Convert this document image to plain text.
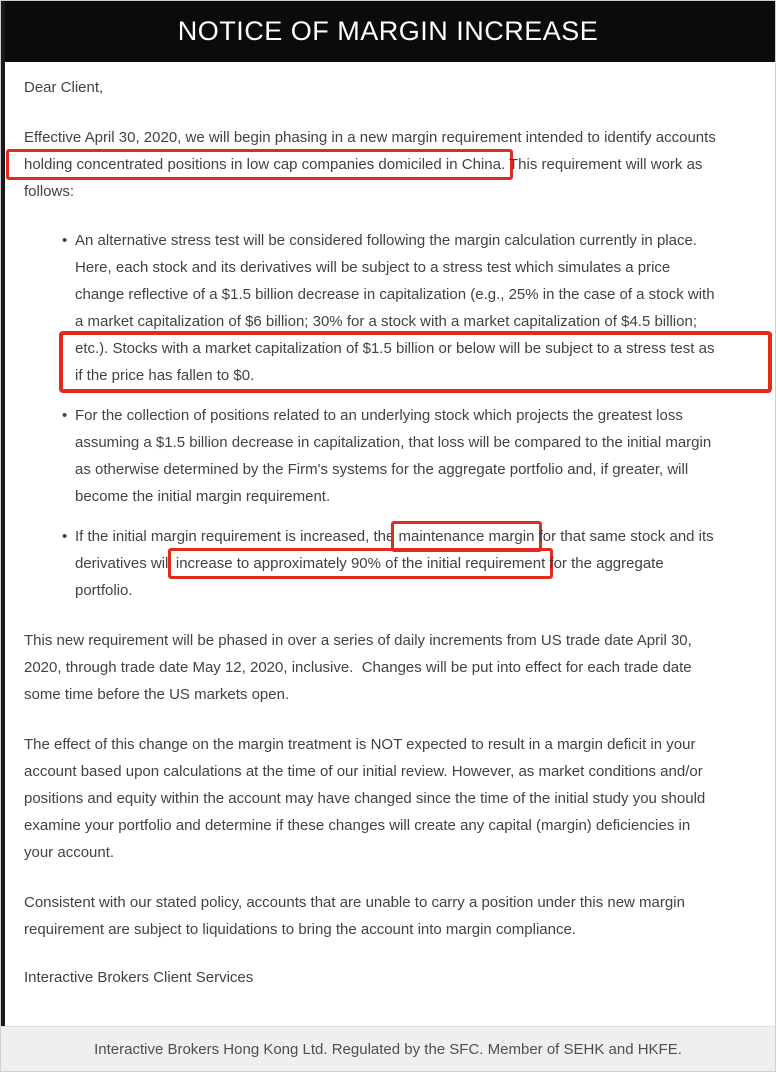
NOTICE OF MARGIN INCREASE
Dear Client,
Effective April 30, 2020, we will begin phasing in a new margin requirement intended to identify accounts
holding concentrated positions in low cap companies domiciled in China. This requirement will work as
follows:
• An alternative stress test will be considered following the margin calculation currently in place.
Here, each stock and its derivatives will be subject to a stress test which simulates a price
change reflective of a $1.5 billion decrease in capitalization (e.g., 25% in the case of a stock with
a market capitalization of $6 billion; 30% for a stock with a market capitalization of $4.5 billion;
etc.). Stocks with a market capitalization of $1.5 billion or below will be subject to a stress test as
if the price has fallen to $0.
• For the collection of positions related to an underlying stock which projects the greatest loss
assuming a $1.5 billion decrease in capitalization, that loss will be compared to the initial margin
as otherwise determined by the Firm's systems for the aggregate portfolio and, if greater, will
become the initial margin requirement.
• If the initial margin requirement is increased, the maintenance margin for that same stock and its
derivatives will increase to approximately 90% of the initial requirement for the aggregate
portfolio.
This new requirement will be phased in over a series of daily increments from US trade date April 30,
2020, through trade date May 12, 2020, inclusive.  Changes will be put into effect for each trade date
some time before the US markets open.
The effect of this change on the margin treatment is NOT expected to result in a margin deficit in your
account based upon calculations at the time of our initial review. However, as market conditions and/or
positions and equity within the account may have changed since the time of the initial study you should
examine your portfolio and determine if these changes will create any capital (margin) deficiencies in
your account.
Consistent with our stated policy, accounts that are unable to carry a position under this new margin
requirement are subject to liquidations to bring the account into margin compliance.
Interactive Brokers Client Services
Interactive Brokers Hong Kong Ltd. Regulated by the SFC. Member of SEHK and HKFE.
